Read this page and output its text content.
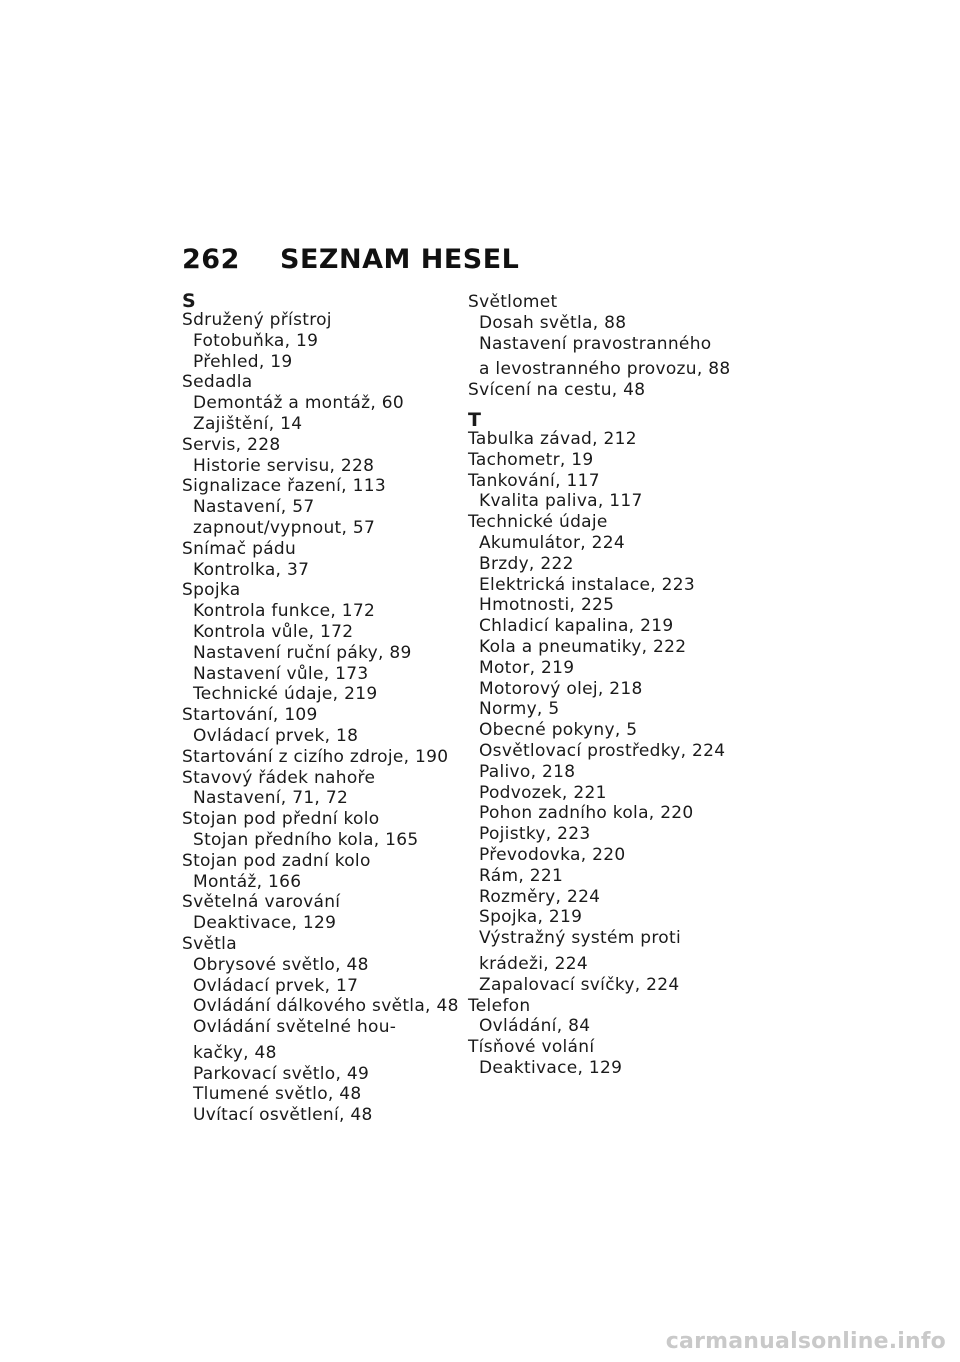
262 SEZNAM HESEL
S
Sdružený přístroj
Fotobuňka, 19
Přehled, 19
Sedadla
Demontáž a montáž, 60
Zajištění, 14
Servis, 228
Historie servisu, 228
Signalizace řazení, 113
Nastavení, 57
zapnout/vypnout, 57
Snímač pádu
Kontrolka, 37
Spojka
Kontrola funkce, 172
Kontrola vůle, 172
Nastavení ruční páky, 89
Nastavení vůle, 173
Technické údaje, 219
Startování, 109
Ovládací prvek, 18
Startování z cizího zdroje, 190
Stavový řádek nahoře
Nastavení, 71, 72
Stojan pod přední kolo
Stojan předního kola, 165
Stojan pod zadní kolo
Montáž, 166
Světelná varování
Deaktivace, 129
Světla
Obrysové světlo, 48
Ovládací prvek, 17
Ovládání dálkového světla, 48
Ovládání světelné hou-
kačky, 48
Parkovací světlo, 49
Tlumené světlo, 48
Uvítací osvětlení, 48
Světlomet
Dosah světla, 88
Nastavení pravostranného
a levostranného provozu, 88
Svícení na cestu, 48
T
Tabulka závad, 212
Tachometr, 19
Tankování, 117
Kvalita paliva, 117
Technické údaje
Akumulátor, 224
Brzdy, 222
Elektrická instalace, 223
Hmotnosti, 225
Chladicí kapalina, 219
Kola a pneumatiky, 222
Motor, 219
Motorový olej, 218
Normy, 5
Obecné pokyny, 5
Osvětlovací prostředky, 224
Palivo, 218
Podvozek, 221
Pohon zadního kola, 220
Pojistky, 223
Převodovka, 220
Rám, 221
Rozměry, 224
Spojka, 219
Výstražný systém proti
krádeži, 224
Zapalovací svíčky, 224
Telefon
Ovládání, 84
Tísňové volání
Deaktivace, 129
carmanualsonline.info
